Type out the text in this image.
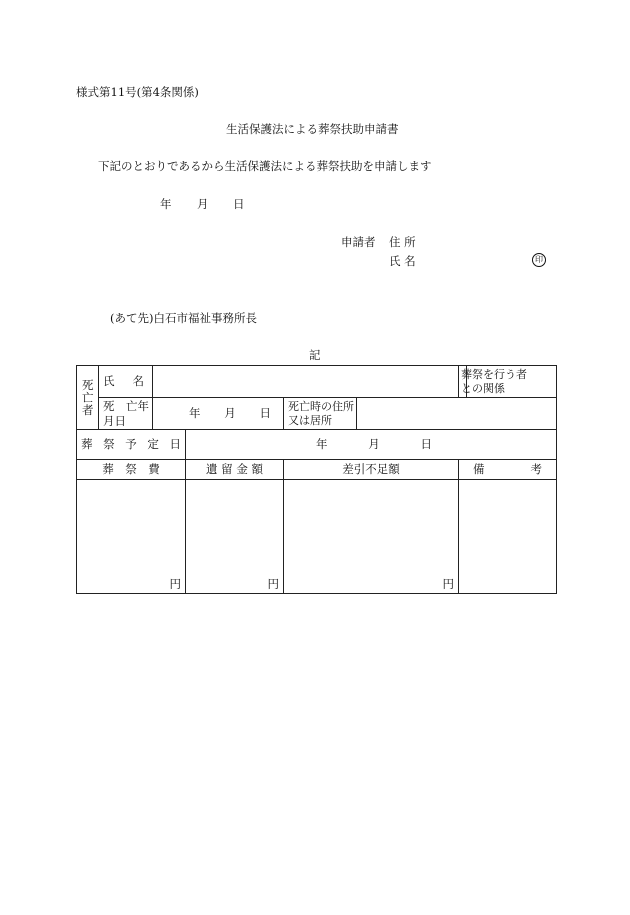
様式第11号(第4条関係)
生活保護法による葬祭扶助申請書
下記のとおりであるから生活保護法による葬祭扶助を申請します
年 月 日
申請者 住 所
氏 名	印
(あて先)白石市福祉事務所長
記
死亡者	氏 名					葬祭を行う者との関係	

	死　亡年月日	年 月 日		死亡時の住所又は居所			

葬 祭 予 定 日			年 月 日				

葬　祭　費			遺 留 金 額	差引不足額		備　　　　考	
円			円	円			
